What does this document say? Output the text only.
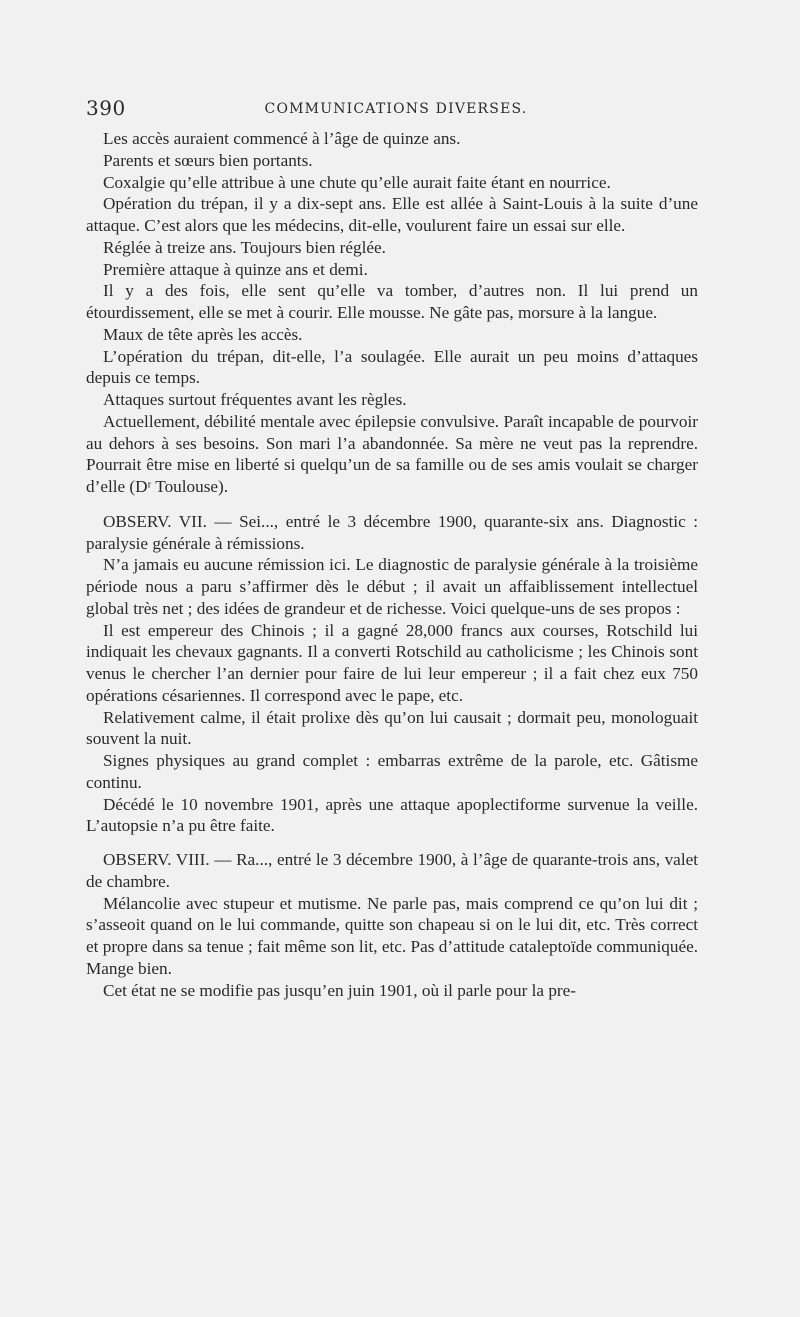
390	COMMUNICATIONS DIVERSES.

Les accès auraient commencé à l’âge de quinze ans.

Parents et sœurs bien portants.

Coxalgie qu’elle attribue à une chute qu’elle aurait faite étant en nourrice.

Opération du trépan, il y a dix-sept ans. Elle est allée à Saint-Louis à la suite d’une attaque. C’est alors que les médecins, dit-elle, voulurent faire un essai sur elle.

Réglée à treize ans. Toujours bien réglée.

Première attaque à quinze ans et demi.

Il y a des fois, elle sent qu’elle va tomber, d’autres non. Il lui prend un étourdissement, elle se met à courir. Elle mousse. Ne gâte pas, morsure à la langue.

Maux de tête après les accès.

L’opération du trépan, dit-elle, l’a soulagée. Elle aurait un peu moins d’attaques depuis ce temps.

Attaques surtout fréquentes avant les règles.

Actuellement, débilité mentale avec épilepsie convulsive. Paraît incapable de pourvoir au dehors à ses besoins. Son mari l’a abandonnée. Sa mère ne veut pas la reprendre. Pourrait être mise en liberté si quelqu’un de sa famille ou de ses amis voulait se charger d’elle (Dʳ Toulouse).

OBSERV. VII. — Sei..., entré le 3 décembre 1900, quarante-six ans. Diagnostic : paralysie générale à rémissions.

N’a jamais eu aucune rémission ici. Le diagnostic de paralysie générale à la troisième période nous a paru s’affirmer dès le début ; il avait un affaiblissement intellectuel global très net ; des idées de grandeur et de richesse. Voici quelque-uns de ses propos :

Il est empereur des Chinois ; il a gagné 28,000 francs aux courses, Rotschild lui indiquait les chevaux gagnants. Il a converti Rotschild au catholicisme ; les Chinois sont venus le chercher l’an dernier pour faire de lui leur empereur ; il a fait chez eux 750 opérations césariennes. Il correspond avec le pape, etc.

Relativement calme, il était prolixe dès qu’on lui causait ; dormait peu, monologuait souvent la nuit.

Signes physiques au grand complet : embarras extrême de la parole, etc. Gâtisme continu.

Décédé le 10 novembre 1901, après une attaque apoplectiforme survenue la veille. L’autopsie n’a pu être faite.

OBSERV. VIII. — Ra..., entré le 3 décembre 1900, à l’âge de quarante-trois ans, valet de chambre.

Mélancolie avec stupeur et mutisme. Ne parle pas, mais comprend ce qu’on lui dit ; s’asseoit quand on le lui commande, quitte son chapeau si on le lui dit, etc. Très correct et propre dans sa tenue ; fait même son lit, etc. Pas d’attitude cataleptoïde communiquée. Mange bien.

Cet état ne se modifie pas jusqu’en juin 1901, où il parle pour la pre-
